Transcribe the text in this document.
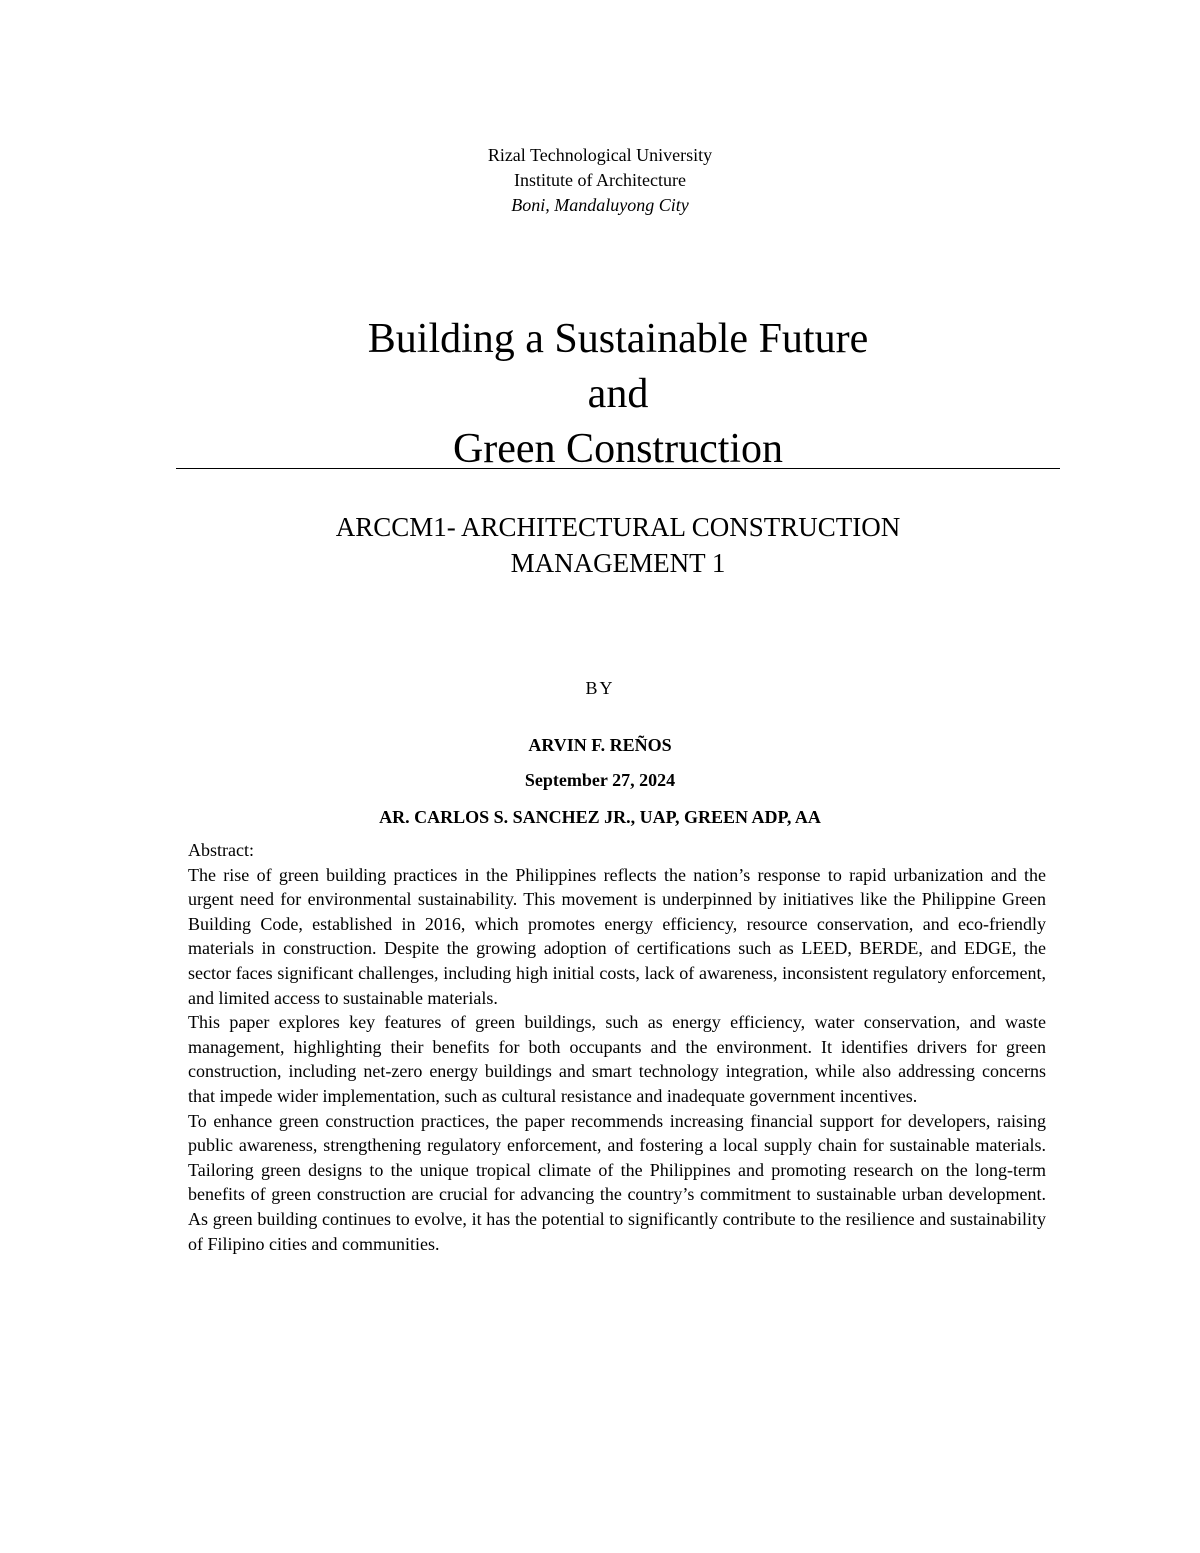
Rizal Technological University
Institute of Architecture
Boni, Mandaluyong City
Building a Sustainable Future
and
Green Construction
ARCCM1- ARCHITECTURAL CONSTRUCTION
MANAGEMENT 1
BY
ARVIN F. REÑOS
September 27, 2024
AR. CARLOS S. SANCHEZ JR., UAP, GREEN ADP, AA

Abstract:

The rise of green building practices in the Philippines reflects the nation’s response to rapid urbanization and the urgent need for environmental sustainability. This movement is underpinned by initiatives like the Philippine Green Building Code, established in 2016, which promotes energy efficiency, resource conservation, and eco-friendly materials in construction. Despite the growing adoption of certifications such as LEED, BERDE, and EDGE, the sector faces significant challenges, including high initial costs, lack of awareness, inconsistent regulatory enforcement, and limited access to sustainable materials.

This paper explores key features of green buildings, such as energy efficiency, water conservation, and waste management, highlighting their benefits for both occupants and the environment. It identifies drivers for green construction, including net-zero energy buildings and smart technology integration, while also addressing concerns that impede wider implementation, such as cultural resistance and inadequate government incentives.

To enhance green construction practices, the paper recommends increasing financial support for developers, raising public awareness, strengthening regulatory enforcement, and fostering a local supply chain for sustainable materials. Tailoring green designs to the unique tropical climate of the Philippines and promoting research on the long-term benefits of green construction are crucial for advancing the country’s commitment to sustainable urban development. As green building continues to evolve, it has the potential to significantly contribute to the resilience and sustainability of Filipino cities and communities.
